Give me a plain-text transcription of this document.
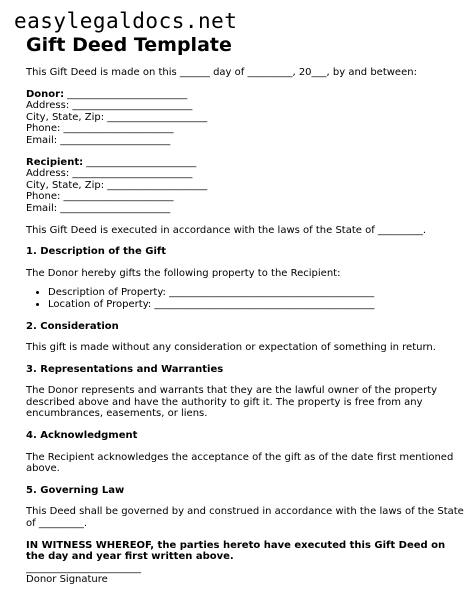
easylegaldocs.net
Gift Deed Template

This Gift Deed is made on this ______ day of _________, 20___, by and between:

Donor: ________________________

Address: ________________________

City, State, Zip: ____________________

Phone: ______________________

Email: ______________________

Recipient: ______________________

Address: ________________________

City, State, Zip: ____________________

Phone: ______________________

Email: ______________________

This Gift Deed is executed in accordance with the laws of the State of _________.

1. Description of the Gift

The Donor hereby gifts the following property to the Recipient:

• Description of Property: _________________________________________
• Location of Property: ____________________________________________

2. Consideration

This gift is made without any consideration or expectation of something in return.

3. Representations and Warranties

The Donor represents and warrants that they are the lawful owner of the property described above and have the authority to gift it. The property is free from any encumbrances, easements, or liens.

4. Acknowledgment

The Recipient acknowledges the acceptance of the gift as of the date first mentioned above.

5. Governing Law

This Deed shall be governed by and construed in accordance with the laws of the State of _________.

IN WITNESS WHEREOF, the parties hereto have executed this Gift Deed on the day and year first written above.

_______________________

Donor Signature
